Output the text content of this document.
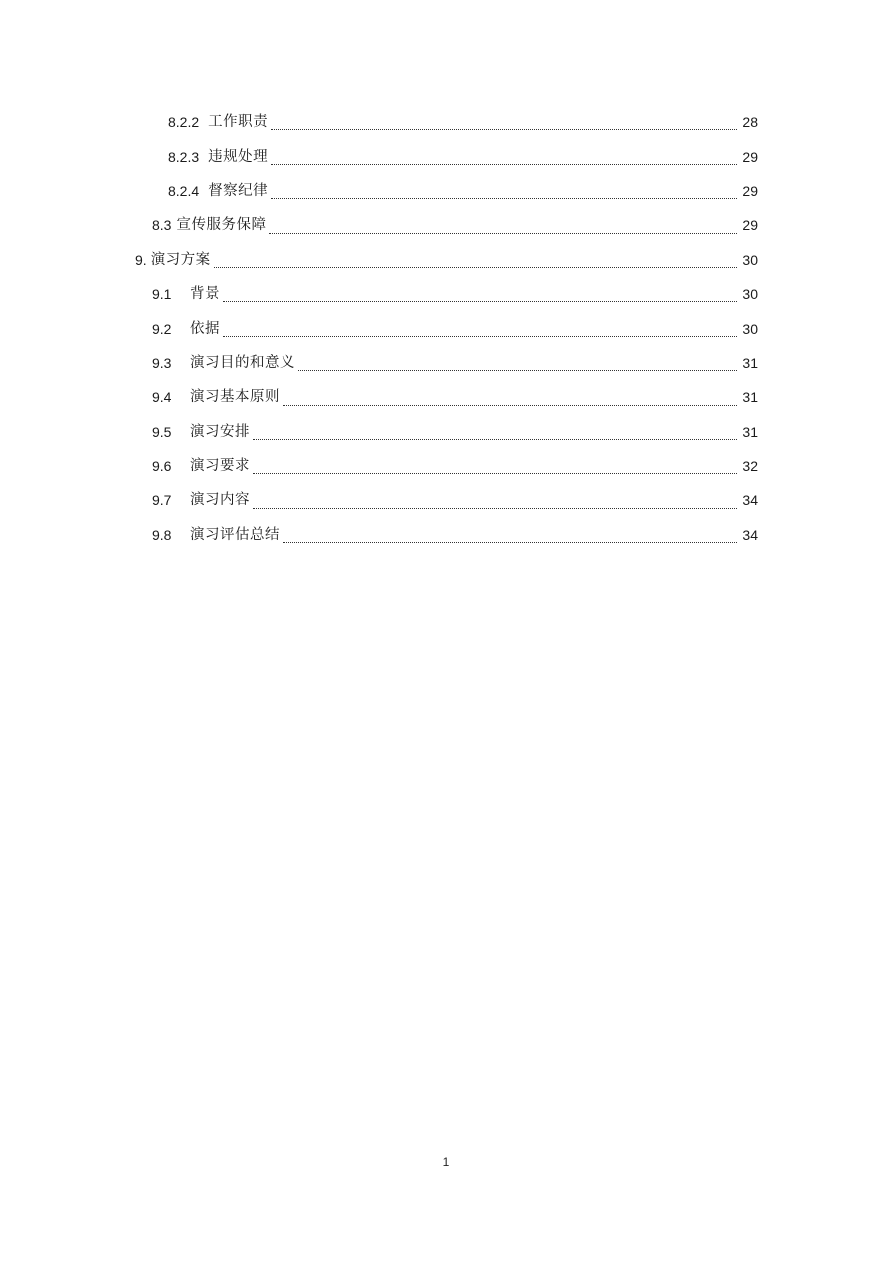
8.2.2 工作职责	28
8.2.3 违规处理	29
8.2.4 督察纪律	29
8.3 宣传服务保障	29
9. 演习方案	30
9.1	背景	30
9.2	依据	30
9.3	演习目的和意义	31
9.4	演习基本原则	31
9.5	演习安排	31
9.6	演习要求	32
9.7	演习内容	34
9.8	演习评估总结	34
1
